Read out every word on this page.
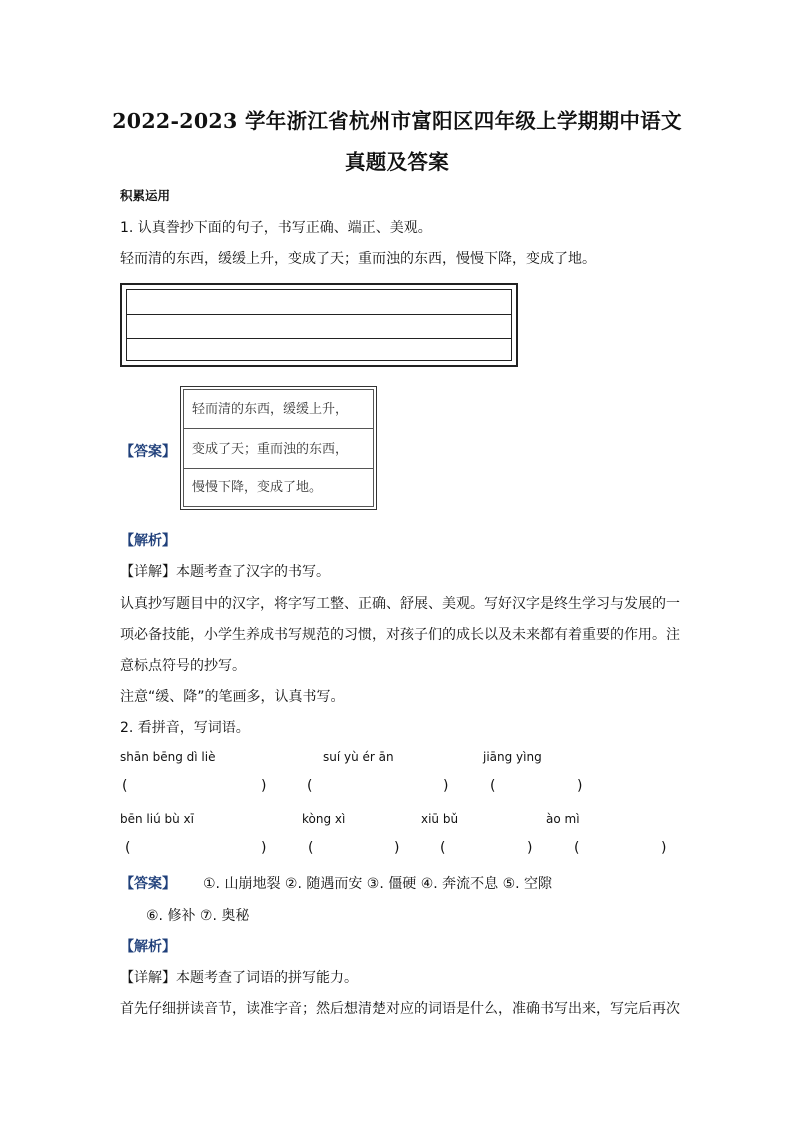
2022-2023 学年浙江省杭州市富阳区四年级上学期期中语文
真题及答案
积累运用
1. 认真誊抄下面的句子，书写正确、端正、美观。
轻而清的东西，缓缓上升，变成了天；重而浊的东西，慢慢下降，变成了地。
【答案】
轻而清的东西，缓缓上升，
变成了天；重而浊的东西，
慢慢下降，变成了地。
【解析】
【详解】本题考查了汉字的书写。
认真抄写题目中的汉字，将字写工整、正确、舒展、美观。写好汉字是终生学习与发展的一
项必备技能，小学生养成书写规范的习惯，对孩子们的成长以及未来都有着重要的作用。注
意标点符号的抄写。
注意“缓、降”的笔画多，认真书写。
2. 看拼音，写词语。
shān bēng dì liè	suí yù ér ān	jiāng yìng
(	)	(	)	(	)
bēn liú bù xī	kòng xì	xiū bǔ	ào mì
(	)	(	)	(	)	(	)
【答案】 ①. 山崩地裂 ②. 随遇而安 ③. 僵硬 ④. 奔流不息 ⑤. 空隙
⑥. 修补 ⑦. 奥秘
【解析】
【详解】本题考查了词语的拼写能力。
首先仔细拼读音节，读准字音；然后想清楚对应的词语是什么，准确书写出来，写完后再次
